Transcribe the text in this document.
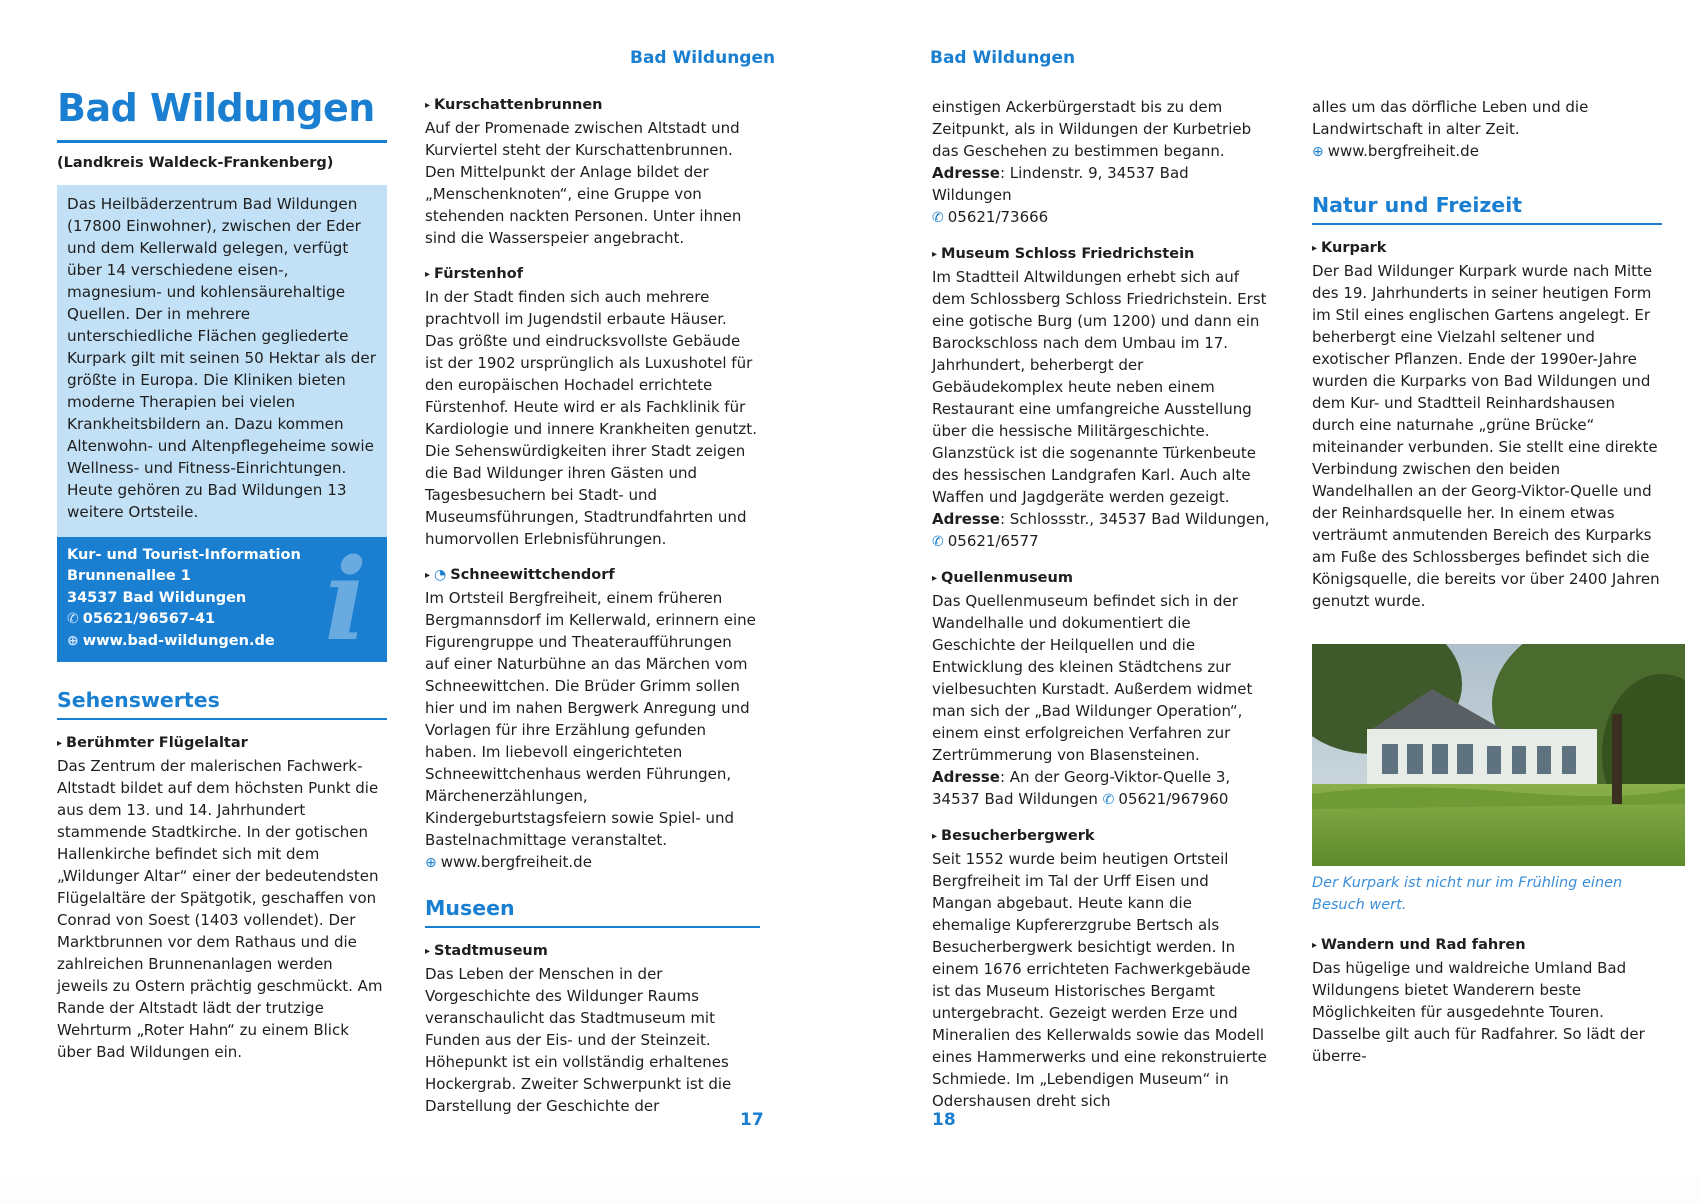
Bad Wildungen
Bad Wildungen
(Landkreis Waldeck-Frankenberg)
Das Heilbäderzentrum Bad Wildungen (17800 Einwohner), zwischen der Eder und dem Kellerwald gelegen, verfügt über 14 verschiedene eisen-, magnesium- und kohlensäurehaltige Quellen. Der in mehrere unterschiedliche Flächen gegliederte Kurpark gilt mit seinen 50 Hektar als der größte in Europa. Die Kliniken bieten moderne Therapien bei vielen Krankheitsbildern an. Dazu kommen Altenwohn- und Altenpflegeheime sowie Wellness- und Fitness-Einrichtungen. Heute gehören zu Bad Wildungen 13 weitere Ortsteile.
i
Kur- und Tourist-Information
Brunnenallee 1
34537 Bad Wildungen
✆ 05621/96567-41
⊕ www.bad-wildungen.de
Sehenswertes
▸ Berühmter Flügelaltar

Das Zentrum der malerischen Fachwerk-Altstadt bildet auf dem höchsten Punkt die aus dem 13. und 14. Jahrhundert stammende Stadtkirche. In der gotischen Hallenkirche befindet sich mit dem „Wildunger Altar“ einer der bedeutendsten Flügelaltäre der Spätgotik, geschaffen von Conrad von Soest (1403 vollendet). Der Marktbrunnen vor dem Rathaus und die zahlreichen Brunnenanlagen werden jeweils zu Ostern prächtig geschmückt. Am Rande der Altstadt lädt der trutzige Wehrturm „Roter Hahn“ zu einem Blick über Bad Wildungen ein.

▸ Kurschattenbrunnen

Auf der Promenade zwischen Altstadt und Kurviertel steht der Kurschattenbrunnen. Den Mittelpunkt der Anlage bildet der „Menschenknoten“, eine Gruppe von stehenden nackten Personen. Unter ihnen sind die Wasserspeier angebracht.

▸ Fürstenhof

In der Stadt finden sich auch mehrere prachtvoll im Jugendstil erbaute Häuser. Das größte und eindrucksvollste Gebäude ist der 1902 ursprünglich als Luxushotel für den europäischen Hochadel errichtete Fürstenhof. Heute wird er als Fachklinik für Kardiologie und innere Krankheiten genutzt. Die Sehenswürdigkeiten ihrer Stadt zeigen die Bad Wildunger ihren Gästen und Tagesbesuchern bei Stadt- und Museumsführungen, Stadtrundfahrten und humorvollen Erlebnisführungen.

▸ ◔ Schneewittchendorf

Im Ortsteil Bergfreiheit, einem früheren Bergmannsdorf im Kellerwald, erinnern eine Figurengruppe und Theateraufführungen auf einer Naturbühne an das Märchen vom Schneewittchen. Die Brüder Grimm sollen hier und im nahen Bergwerk Anregung und Vorlagen für ihre Erzählung gefunden haben. Im liebevoll eingerichteten Schneewittchenhaus werden Führungen, Märchenerzählungen, Kindergeburtstagsfeiern sowie Spiel- und Bastelnachmittage veranstaltet.

⊕ www.bergfreiheit.de

Museen
▸ Stadtmuseum

Das Leben der Menschen in der Vorgeschichte des Wildunger Raums veranschaulicht das Stadtmuseum mit Funden aus der Eis- und der Steinzeit. Höhepunkt ist ein vollständig erhaltenes Hockergrab. Zweiter Schwerpunkt ist die Darstellung der Geschichte der

17
Bad Wildungen

einstigen Ackerbürgerstadt bis zu dem Zeitpunkt, als in Wildungen der Kurbetrieb das Geschehen zu bestimmen begann.

Adresse: Lindenstr. 9, 34537 Bad Wildungen

✆ 05621/73666

▸ Museum Schloss Friedrichstein

Im Stadtteil Altwildungen erhebt sich auf dem Schlossberg Schloss Friedrichstein. Erst eine gotische Burg (um 1200) und dann ein Barockschloss nach dem Umbau im 17. Jahrhundert, beherbergt der Gebäudekomplex heute neben einem Restaurant eine umfangreiche Ausstellung über die hessische Militärgeschichte. Glanzstück ist die sogenannte Türkenbeute des hessischen Landgrafen Karl. Auch alte Waffen und Jagdgeräte werden gezeigt.

Adresse: Schlossstr., 34537 Bad Wildungen,

✆ 05621/6577

▸ Quellenmuseum

Das Quellenmuseum befindet sich in der Wandelhalle und dokumentiert die Geschichte der Heilquellen und die Entwicklung des kleinen Städtchens zur vielbesuchten Kurstadt. Außerdem widmet man sich der „Bad Wildunger Operation“, einem einst erfolgreichen Verfahren zur Zertrümmerung von Blasensteinen.

Adresse: An der Georg-Viktor-Quelle 3, 34537 Bad Wildungen ✆ 05621/967960

▸ Besucherbergwerk

Seit 1552 wurde beim heutigen Ortsteil Bergfreiheit im Tal der Urff Eisen und Mangan abgebaut. Heute kann die ehemalige Kupfererzgrube Bertsch als Besucherbergwerk besichtigt werden. In einem 1676 errichteten Fachwerkgebäude ist das Museum Historisches Bergamt untergebracht. Gezeigt werden Erze und Mineralien des Kellerwalds sowie das Modell eines Hammerwerks und eine rekonstruierte Schmiede. Im „Lebendigen Museum“ in Odershausen dreht sich

alles um das dörfliche Leben und die Landwirtschaft in alter Zeit.

⊕ www.bergfreiheit.de

Natur und Freizeit
▸ Kurpark

Der Bad Wildunger Kurpark wurde nach Mitte des 19. Jahrhunderts in seiner heutigen Form im Stil eines englischen Gartens angelegt. Er beherbergt eine Vielzahl seltener und exotischer Pflanzen. Ende der 1990er-Jahre wurden die Kurparks von Bad Wildungen und dem Kur- und Stadtteil Reinhardshausen durch eine naturnahe „grüne Brücke“ miteinander verbunden. Sie stellt eine direkte Verbindung zwischen den beiden Wandelhallen an der Georg-Viktor-Quelle und der Reinhardsquelle her. In einem etwas verträumt anmutenden Bereich des Kurparks am Fuße des Schlossberges befindet sich die Königsquelle, die bereits vor über 2400 Jahren genutzt wurde.

Der Kurpark ist nicht nur im Frühling einen Besuch wert.
▸ Wandern und Rad fahren

Das hügelige und waldreiche Umland Bad Wildungens bietet Wanderern beste Möglichkeiten für ausgedehnte Touren. Dasselbe gilt auch für Radfahrer. So lädt der überre-

18
